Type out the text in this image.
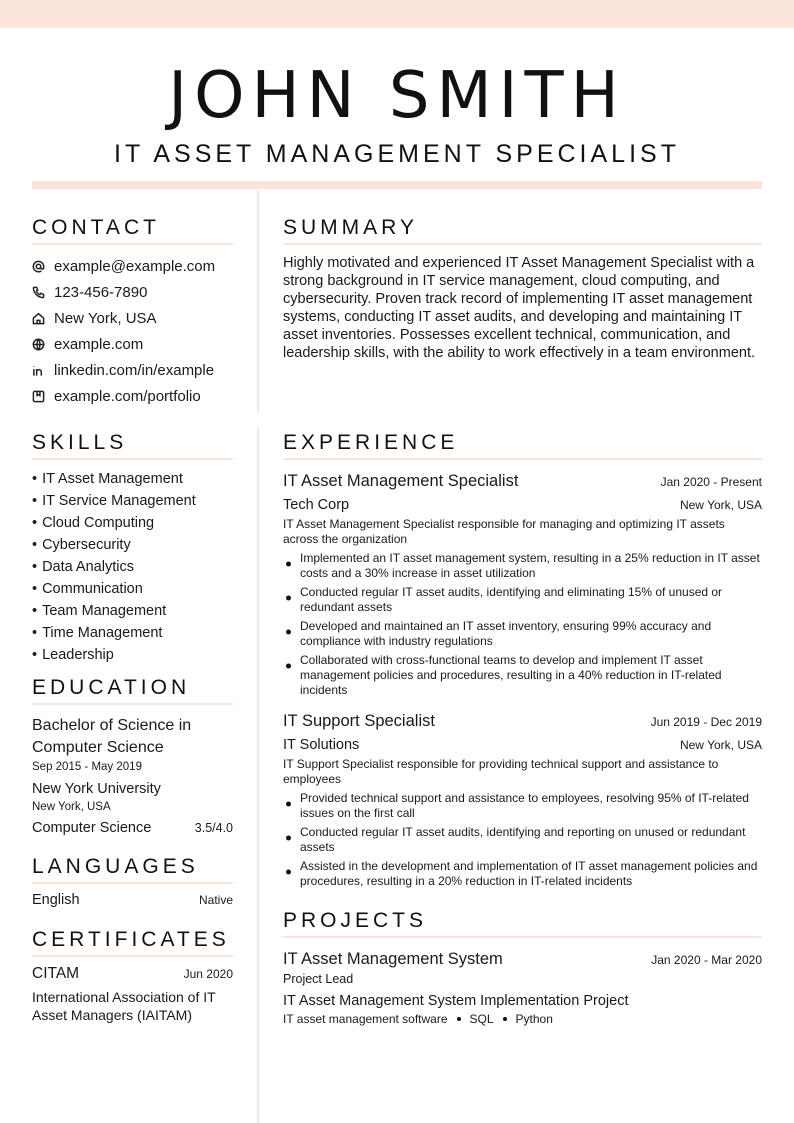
JOHN SMITH
IT ASSET MANAGEMENT SPECIALIST
CONTACT
example@example.com
123-456-7890
New York, USA
example.com
linkedin.com/in/example
example.com/portfolio
SKILLS
• IT Asset Management
• IT Service Management
• Cloud Computing
• Cybersecurity
• Data Analytics
• Communication
• Team Management
• Time Management
• Leadership
EDUCATION
Bachelor of Science in Computer Science
Sep 2015 - May 2019
New York University
New York, USA
Computer Science	3.5/4.0
LANGUAGES
English	Native
CERTIFICATES
CITAM	Jun 2020
International Association of IT Asset Managers (IAITAM)
SUMMARY
Highly motivated and experienced IT Asset Management Specialist with a strong background in IT service management, cloud computing, and cybersecurity. Proven track record of implementing IT asset management systems, conducting IT asset audits, and developing and maintaining IT asset inventories. Possesses excellent technical, communication, and leadership skills, with the ability to work effectively in a team environment.
EXPERIENCE
IT Asset Management Specialist	Jan 2020 - Present
Tech Corp	New York, USA
IT Asset Management Specialist responsible for managing and optimizing IT assets across the organization
Implemented an IT asset management system, resulting in a 25% reduction in IT asset costs and a 30% increase in asset utilization
Conducted regular IT asset audits, identifying and eliminating 15% of unused or redundant assets
Developed and maintained an IT asset inventory, ensuring 99% accuracy and compliance with industry regulations
Collaborated with cross-functional teams to develop and implement IT asset management policies and procedures, resulting in a 40% reduction in IT-related incidents
IT Support Specialist	Jun 2019 - Dec 2019
IT Solutions	New York, USA
IT Support Specialist responsible for providing technical support and assistance to employees
Provided technical support and assistance to employees, resolving 95% of IT-related issues on the first call
Conducted regular IT asset audits, identifying and reporting on unused or redundant assets
Assisted in the development and implementation of IT asset management policies and procedures, resulting in a 20% reduction in IT-related incidents
PROJECTS
IT Asset Management System	Jan 2020 - Mar 2020
Project Lead
IT Asset Management System Implementation Project
IT asset management software SQL Python
